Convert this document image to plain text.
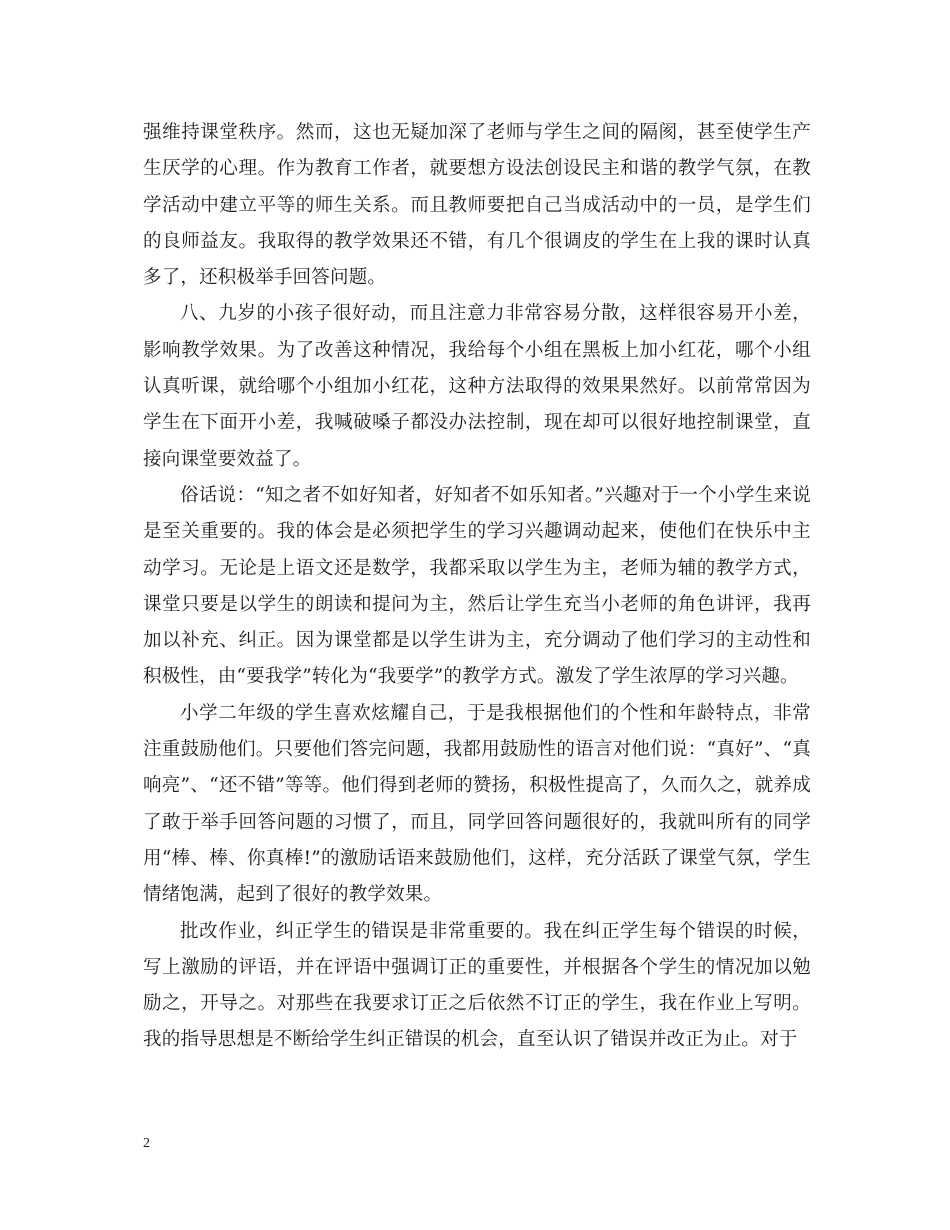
强维持课堂秩序。然而，这也无疑加深了老师与学生之间的隔阂，甚至使学生产生厌学的心理。作为教育工作者，就要想方设法创设民主和谐的教学气氛，在教学活动中建立平等的师生关系。而且教师要把自己当成活动中的一员，是学生们的良师益友。我取得的教学效果还不错，有几个很调皮的学生在上我的课时认真多了，还积极举手回答问题。

八、九岁的小孩子很好动，而且注意力非常容易分散，这样很容易开小差，影响教学效果。为了改善这种情况，我给每个小组在黑板上加小红花，哪个小组认真听课，就给哪个小组加小红花，这种方法取得的效果果然好。以前常常因为学生在下面开小差，我喊破嗓子都没办法控制，现在却可以很好地控制课堂，直接向课堂要效益了。

俗话说：“知之者不如好知者，好知者不如乐知者。”兴趣对于一个小学生来说是至关重要的。我的体会是必须把学生的学习兴趣调动起来，使他们在快乐中主动学习。无论是上语文还是数学，我都采取以学生为主，老师为辅的教学方式，课堂只要是以学生的朗读和提问为主，然后让学生充当小老师的角色讲评，我再加以补充、纠正。因为课堂都是以学生讲为主，充分调动了他们学习的主动性和积极性，由“要我学”转化为“我要学”的教学方式。激发了学生浓厚的学习兴趣。

小学二年级的学生喜欢炫耀自己，于是我根据他们的个性和年龄特点，非常注重鼓励他们。只要他们答完问题，我都用鼓励性的语言对他们说：“真好”、“真响亮”、“还不错”等等。他们得到老师的赞扬，积极性提高了，久而久之，就养成了敢于举手回答问题的习惯了，而且，同学回答问题很好的，我就叫所有的同学用“棒、棒、你真棒!”的激励话语来鼓励他们，这样，充分活跃了课堂气氛，学生情绪饱满，起到了很好的教学效果。

批改作业，纠正学生的错误是非常重要的。我在纠正学生每个错误的时候，写上激励的评语，并在评语中强调订正的重要性，并根据各个学生的情况加以勉励之，开导之。对那些在我要求订正之后依然不订正的学生，我在作业上写明。我的指导思想是不断给学生纠正错误的机会，直至认识了错误并改正为止。对于

2
